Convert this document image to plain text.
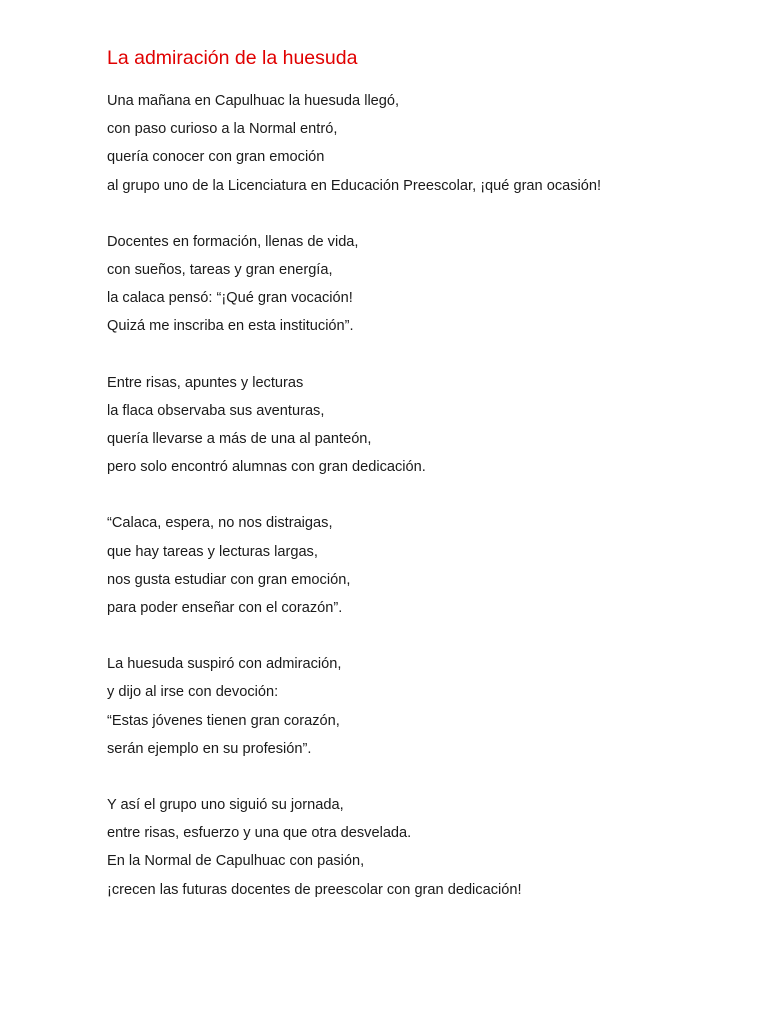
La admiración de la huesuda
Una mañana en Capulhuac la huesuda llegó,
con paso curioso a la Normal entró,
quería conocer con gran emoción
al grupo uno de la Licenciatura en Educación Preescolar, ¡qué gran ocasión!
Docentes en formación, llenas de vida,
con sueños, tareas y gran energía,
la calaca pensó: “¡Qué gran vocación!
Quizá me inscriba en esta institución”.
Entre risas, apuntes y lecturas
la flaca observaba sus aventuras,
quería llevarse a más de una al panteón,
pero solo encontró alumnas con gran dedicación.
“Calaca, espera, no nos distraigas,
que hay tareas y lecturas largas,
nos gusta estudiar con gran emoción,
para poder enseñar con el corazón”.
La huesuda suspiró con admiración,
y dijo al irse con devoción:
“Estas jóvenes tienen gran corazón,
serán ejemplo en su profesión”.
Y así el grupo uno siguió su jornada,
entre risas, esfuerzo y una que otra desvelada.
En la Normal de Capulhuac con pasión,
¡crecen las futuras docentes de preescolar con gran dedicación!
